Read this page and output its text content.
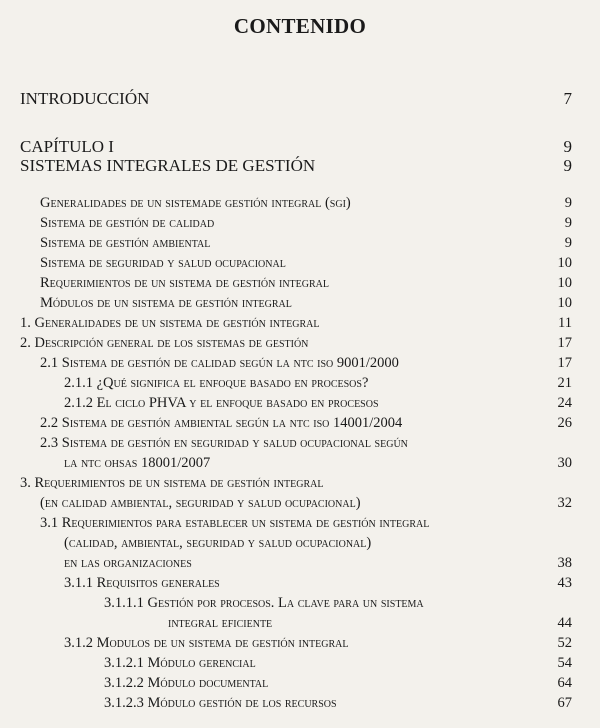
CONTENIDO
INTRODUCCIÓN	7
CAPÍTULO I	9
SISTEMAS INTEGRALES DE GESTIÓN	9
Generalidades de un sistemade gestión integral (sgi)	9
Sistema de gestión de calidad	9
Sistema de gestión ambiental	9
Sistema de seguridad y salud ocupacional	10
Requerimientos de un sistema de gestión integral	10
Módulos de un sistema de gestión integral	10
1. Generalidades de un sistema de gestión integral	11
2. Descripción general de los sistemas de gestión	17
2.1 Sistema de gestión de calidad según la ntc iso 9001/2000	17
2.1.1 ¿Qué significa el enfoque basado en procesos?	21
2.1.2 El ciclo PHVA y el enfoque basado en procesos	24
2.2 Sistema de gestión ambiental según la ntc iso 14001/2004	26
2.3 Sistema de gestión en seguridad y salud ocupacional según
la ntc ohsas 18001/2007	30
3. Requerimientos de un sistema de gestión integral
(en calidad ambiental, seguridad y salud ocupacional)	32
3.1 Requerimientos para establecer un sistema de gestión integral
(calidad, ambiental, seguridad y salud ocupacional)
en las organizaciones	38
3.1.1 Requisitos generales	43
3.1.1.1 Gestión por procesos. La clave para un sistema
integral eficiente	44
3.1.2 Modulos de un sistema de gestión integral	52
3.1.2.1 Módulo gerencial	54
3.1.2.2 Módulo documental	64
3.1.2.3 Módulo gestión de los recursos	67
